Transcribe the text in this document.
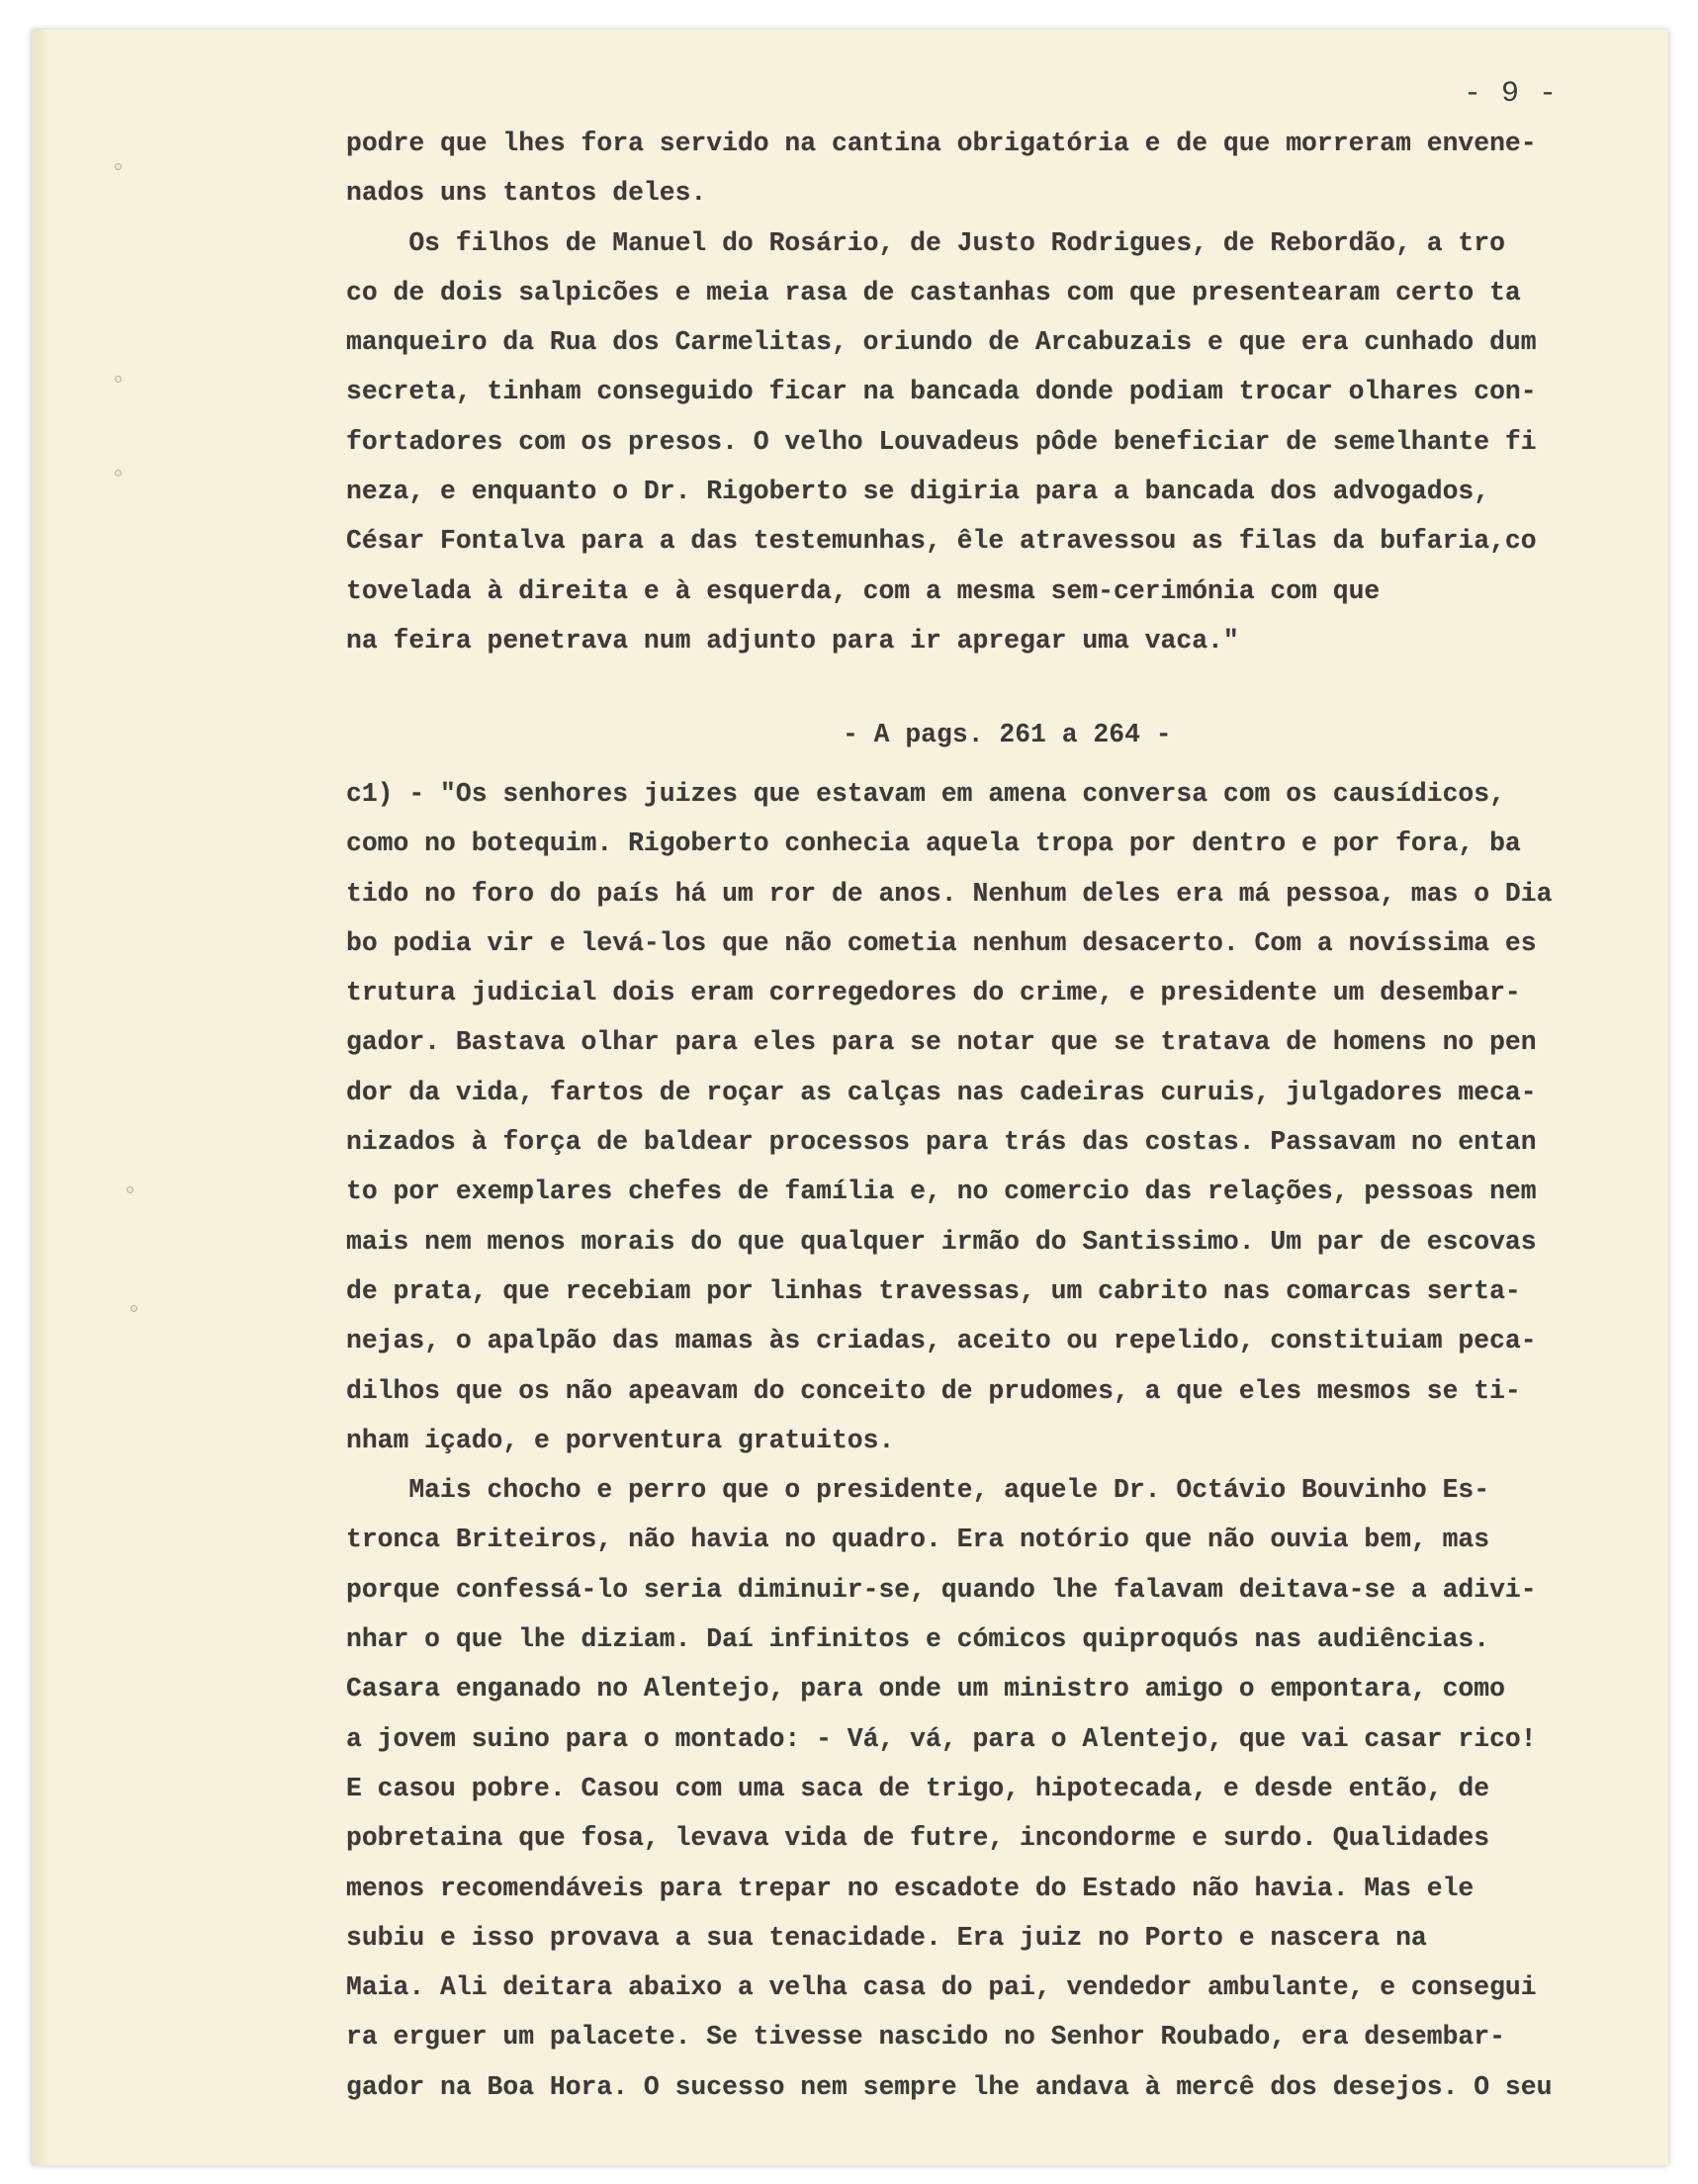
- 9 -
podre que lhes fora servido na cantina obrigatória e de que morreram envene-
nados uns tantos deles.
Os filhos de Manuel do Rosário, de Justo Rodrigues, de Rebordão, a tro
co de dois salpicões e meia rasa de castanhas com que presentearam certo ta
manqueiro da Rua dos Carmelitas, oriundo de Arcabuzais e que era cunhado dum
secreta, tinham conseguido ficar na bancada donde podiam trocar olhares con-
fortadores com os presos. O velho Louvadeus pôde beneficiar de semelhante fi
neza, e enquanto o Dr. Rigoberto se digiria para a bancada dos advogados,
César Fontalva para a das testemunhas, êle atravessou as filas da bufaria,co
tovelada à direita e à esquerda, com a mesma sem-cerimónia com que
na feira penetrava num adjunto para ir apregar uma vaca."
- A pags. 261 a 264 -
c1) - "Os senhores juizes que estavam em amena conversa com os causídicos,
como no botequim. Rigoberto conhecia aquela tropa por dentro e por fora, ba
tido no foro do país há um ror de anos. Nenhum deles era má pessoa, mas o Dia
bo podia vir e levá-los que não cometia nenhum desacerto. Com a novíssima es
trutura judicial dois eram corregedores do crime, e presidente um desembar-
gador. Bastava olhar para eles para se notar que se tratava de homens no pen
dor da vida, fartos de roçar as calças nas cadeiras curuis, julgadores meca-
nizados à força de baldear processos para trás das costas. Passavam no entan
to por exemplares chefes de família e, no comercio das relações, pessoas nem
mais nem menos morais do que qualquer irmão do Santissimo. Um par de escovas
de prata, que recebiam por linhas travessas, um cabrito nas comarcas serta-
nejas, o apalpão das mamas às criadas, aceito ou repelido, constituiam peca-
dilhos que os não apeavam do conceito de prudomes, a que eles mesmos se ti-
nham içado, e porventura gratuitos.
Mais chocho e perro que o presidente, aquele Dr. Octávio Bouvinho Es-
tronca Briteiros, não havia no quadro. Era notório que não ouvia bem, mas
porque confessá-lo seria diminuir-se, quando lhe falavam deitava-se a adivi-
nhar o que lhe diziam. Daí infinitos e cómicos quiproquós nas audiências.
Casara enganado no Alentejo, para onde um ministro amigo o empontara, como
a jovem suino para o montado: - Vá, vá, para o Alentejo, que vai casar rico!
E casou pobre. Casou com uma saca de trigo, hipotecada, e desde então, de
pobretaina que fosa, levava vida de futre, incondorme e surdo. Qualidades
menos recomendáveis para trepar no escadote do Estado não havia. Mas ele
subiu e isso provava a sua tenacidade. Era juiz no Porto e nascera na
Maia. Ali deitara abaixo a velha casa do pai, vendedor ambulante, e consegui
ra erguer um palacete. Se tivesse nascido no Senhor Roubado, era desembar-
gador na Boa Hora. O sucesso nem sempre lhe andava à mercê dos desejos. O seu
